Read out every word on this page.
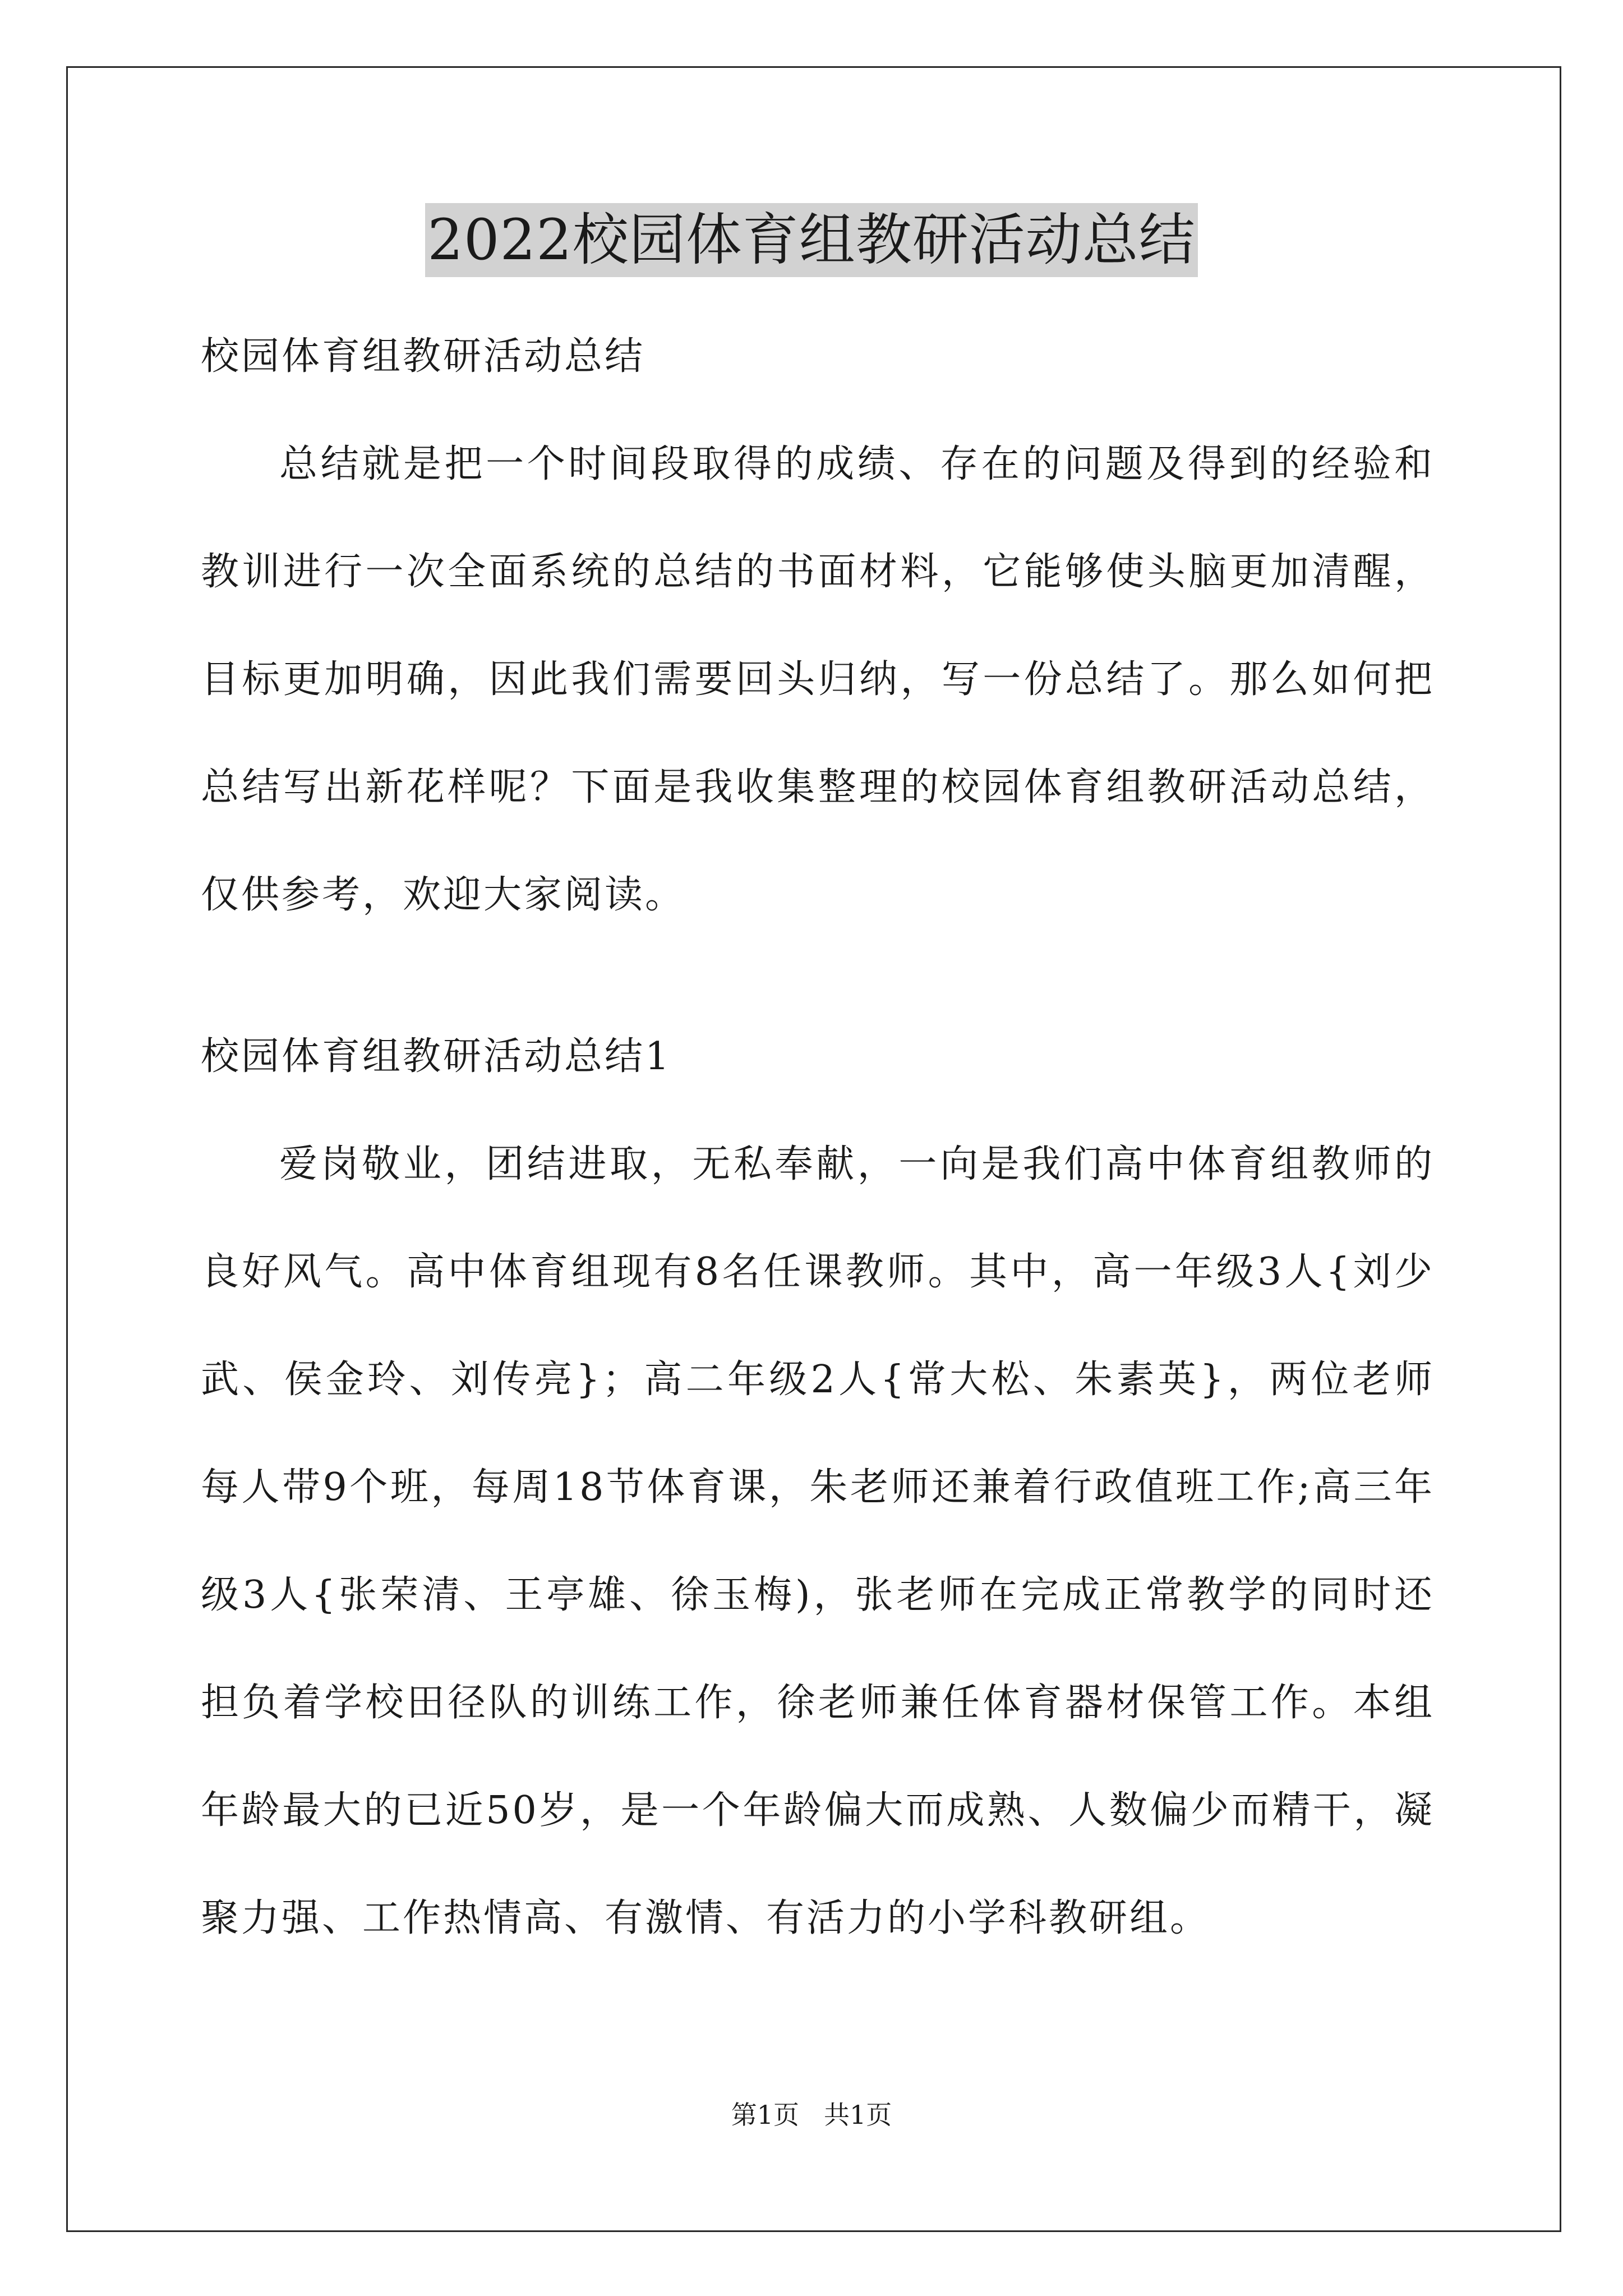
2022校园体育组教研活动总结
校园体育组教研活动总结

总结就是把一个时间段取得的成绩、存在的问题及得到的经验和教训进行一次全面系统的总结的书面材料，它能够使头脑更加清醒，目标更加明确，因此我们需要回头归纳，写一份总结了。那么如何把总结写出新花样呢？下面是我收集整理的校园体育组教研活动总结，仅供参考，欢迎大家阅读。

校园体育组教研活动总结1

爱岗敬业，团结进取，无私奉献，一向是我们高中体育组教师的良好风气。高中体育组现有8名任课教师。其中，高一年级3人{刘少武、侯金玲、刘传亮}；高二年级2人{常大松、朱素英}，两位老师每人带9个班，每周18节体育课，朱老师还兼着行政值班工作;高三年级3人{张荣清、王亭雄、徐玉梅)，张老师在完成正常教学的同时还担负着学校田径队的训练工作，徐老师兼任体育器材保管工作。本组年龄最大的已近50岁，是一个年龄偏大而成熟、人数偏少而精干，凝聚力强、工作热情高、有激情、有活力的小学科教研组。

第1页 共1页
